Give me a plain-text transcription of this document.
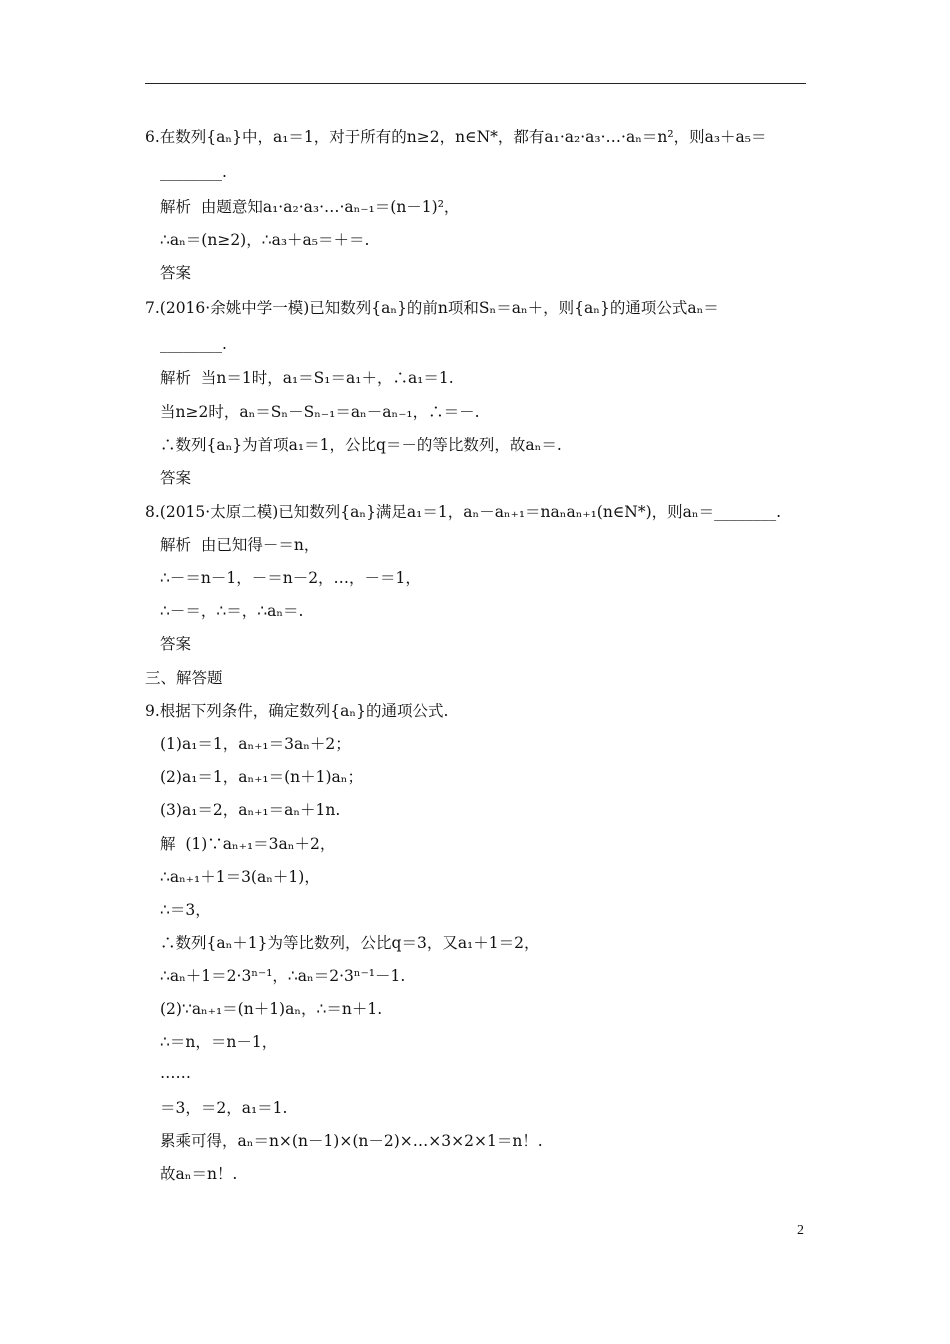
6.在数列{aₙ}中，a₁＝1，对于所有的n≥2，n∈N*，都有a₁·a₂·a₃·…·aₙ＝n²，则a₃＋a₅＝
________.
解析  由题意知a₁·a₂·a₃·…·aₙ₋₁＝(n－1)²，
∴aₙ＝(n≥2)，∴a₃＋a₅＝＋＝.
答案
7.(2016·余姚中学一模)已知数列{aₙ}的前n项和Sₙ＝aₙ＋，则{aₙ}的通项公式aₙ＝
________.
解析  当n＝1时，a₁＝S₁＝a₁＋，∴a₁＝1.
当n≥2时，aₙ＝Sₙ－Sₙ₋₁＝aₙ－aₙ₋₁，∴＝－.
∴数列{aₙ}为首项a₁＝1，公比q＝－的等比数列，故aₙ＝.
答案
8.(2015·太原二模)已知数列{aₙ}满足a₁＝1，aₙ－aₙ₊₁＝naₙaₙ₊₁(n∈N*)，则aₙ＝________.
解析  由已知得－＝n，
∴－＝n－1，－＝n－2，…，－＝1，
∴－＝，∴＝，∴aₙ＝.
答案
三、解答题
9.根据下列条件，确定数列{aₙ}的通项公式.
(1)a₁＝1，aₙ₊₁＝3aₙ＋2；
(2)a₁＝1，aₙ₊₁＝(n＋1)aₙ；
(3)a₁＝2，aₙ₊₁＝aₙ＋1n.
解  (1)∵aₙ₊₁＝3aₙ＋2，
∴aₙ₊₁＋1＝3(aₙ＋1)，
∴＝3，
∴数列{aₙ＋1}为等比数列，公比q＝3，又a₁＋1＝2，
∴aₙ＋1＝2·3ⁿ⁻¹，∴aₙ＝2·3ⁿ⁻¹－1.
(2)∵aₙ₊₁＝(n＋1)aₙ，∴＝n＋1.
∴＝n，＝n－1，
……
＝3，＝2，a₁＝1.
累乘可得，aₙ＝n×(n－1)×(n－2)×…×3×2×1＝n！.
故aₙ＝n！.
2
